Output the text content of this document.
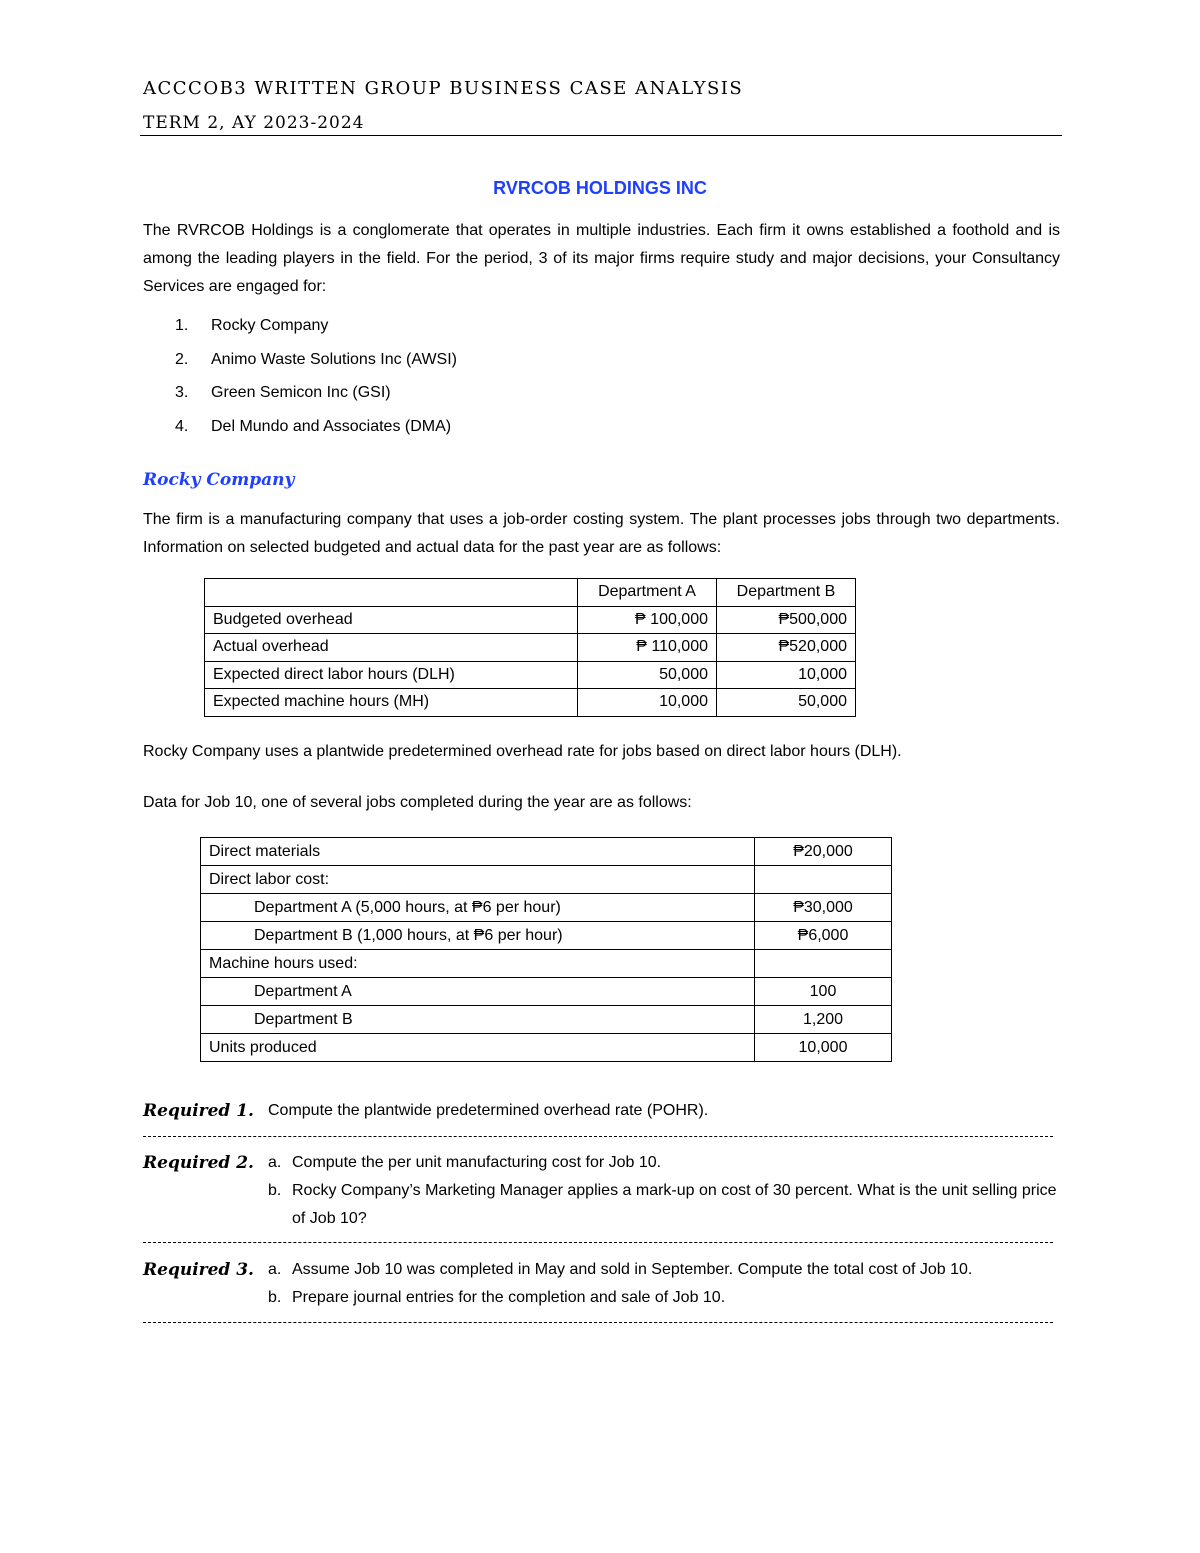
ACCCOB3 WRITTEN GROUP BUSINESS CASE ANALYSIS
TERM 2, AY 2023-2024
RVRCOB HOLDINGS INC
The RVRCOB Holdings is a conglomerate that operates in multiple industries. Each firm it owns established a foothold and is among the leading players in the field. For the period, 3 of its major firms require study and major decisions, your Consultancy Services are engaged for:
1. Rocky Company
2. Animo Waste Solutions Inc (AWSI)
3. Green Semicon Inc (GSI)
4. Del Mundo and Associates (DMA)
Rocky Company
The firm is a manufacturing company that uses a job-order costing system. The plant processes jobs through two departments. Information on selected budgeted and actual data for the past year are as follows:
	Department A	Department B
Budgeted overhead	₱ 100,000	₱500,000
Actual overhead	₱ 110,000	₱520,000
Expected direct labor hours (DLH)	50,000	10,000
Expected machine hours (MH)	10,000	50,000
Rocky Company uses a plantwide predetermined overhead rate for jobs based on direct labor hours (DLH).
Data for Job 10, one of several jobs completed during the year are as follows:
Direct materials	₱20,000
Direct labor cost:	
Department A (5,000 hours, at ₱6 per hour)	₱30,000
Department B (1,000 hours, at ₱6 per hour)	₱6,000
Machine hours used:	
Department A	100
Department B	1,200
Units produced	10,000
Required 1. Compute the plantwide predetermined overhead rate (POHR).
Required 2. a. Compute the per unit manufacturing cost for Job 10.
b. Rocky Company’s Marketing Manager applies a mark-up on cost of 30 percent. What is the unit selling price of Job 10?
Required 3. a. Assume Job 10 was completed in May and sold in September. Compute the total cost of Job 10.
b. Prepare journal entries for the completion and sale of Job 10.
